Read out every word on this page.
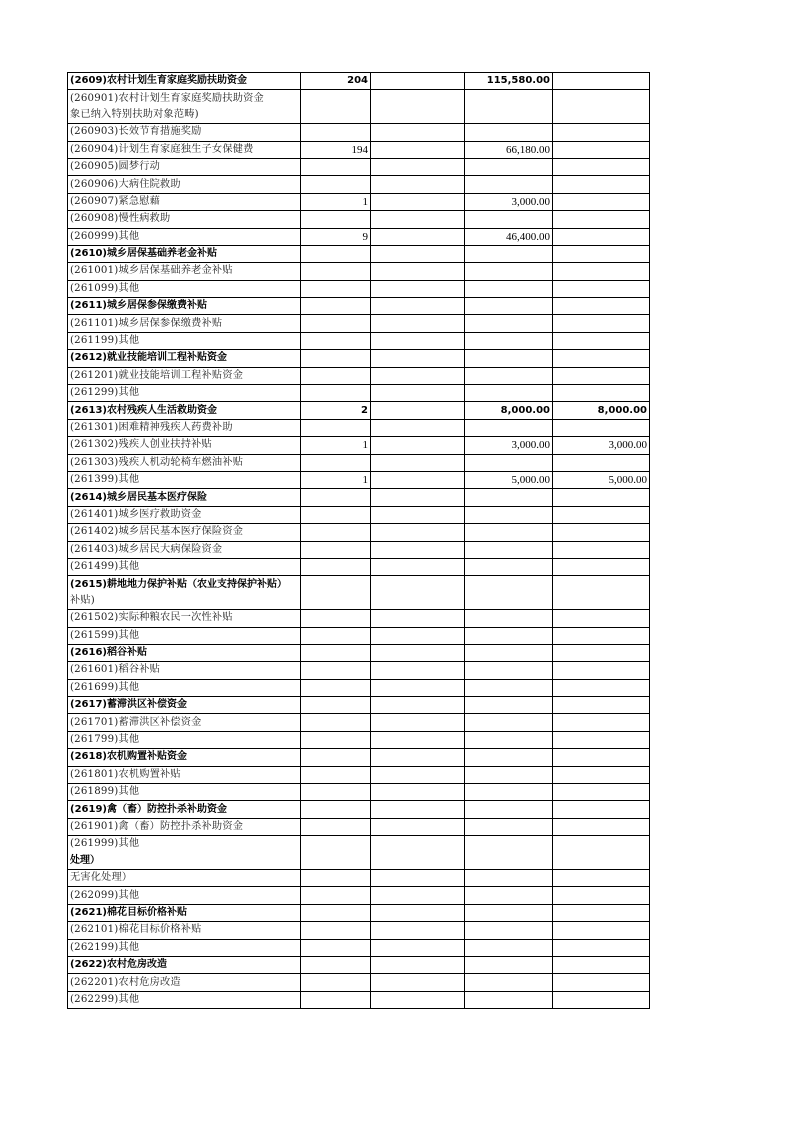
(2609)农村计划生育家庭奖励扶助资金	204		115,580.00	
(260901)农村计划生育家庭奖励扶助资金				
象已纳入特别扶助对象范畴)				
(260903)长效节育措施奖励				
(260904)计划生育家庭独生子女保健费	194		66,180.00	
(260905)圆梦行动				
(260906)大病住院救助				
(260907)紧急慰藉	1		3,000.00	
(260908)慢性病救助				
(260999)其他	9		46,400.00	
(2610)城乡居保基础养老金补贴				
(261001)城乡居保基础养老金补贴				
(261099)其他				
(2611)城乡居保参保缴费补贴				
(261101)城乡居保参保缴费补贴				
(261199)其他				
(2612)就业技能培训工程补贴资金				
(261201)就业技能培训工程补贴资金				
(261299)其他				
(2613)农村残疾人生活救助资金	2		8,000.00	8,000.00
(261301)困难精神残疾人药费补助				
(261302)残疾人创业扶持补贴	1		3,000.00	3,000.00
(261303)残疾人机动轮椅车燃油补贴				
(261399)其他	1		5,000.00	5,000.00
(2614)城乡居民基本医疗保险				
(261401)城乡医疗救助资金				
(261402)城乡居民基本医疗保险资金				
(261403)城乡居民大病保险资金				
(261499)其他				
(2615)耕地地力保护补贴（农业支持保护补贴）				
补贴)				
(261502)实际种粮农民一次性补贴				
(261599)其他				
(2616)稻谷补贴				
(261601)稻谷补贴				
(261699)其他				
(2617)蓄滞洪区补偿资金				
(261701)蓄滞洪区补偿资金				
(261799)其他				
(2618)农机购置补贴资金				
(261801)农机购置补贴				
(261899)其他				
(2619)禽（畜）防控扑杀补助资金				
(261901)禽（畜）防控扑杀补助资金				
(261999)其他				
处理）				
无害化处理）				
(262099)其他				
(2621)棉花目标价格补贴				
(262101)棉花目标价格补贴				
(262199)其他				
(2622)农村危房改造				
(262201)农村危房改造				
(262299)其他				
